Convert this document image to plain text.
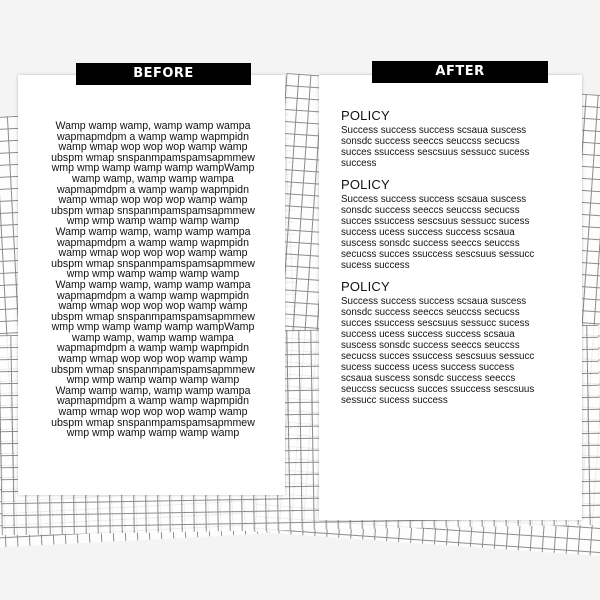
BEFORE	AFTER

Wamp wamp wamp, wamp wamp wampa

wapmapmdpm a wamp wamp wapmpidn

wamp wmap wop wop wop wamp wamp

ubspm wmap snspanmpamspamsapmmew

wmp wmp wamp wamp wamp wampWamp

wamp wamp, wamp wamp wampa

wapmapmdpm a wamp wamp wapmpidn

wamp wmap wop wop wop wamp wamp

ubspm wmap snspanmpamspamsapmmew

wmp wmp wamp wamp wamp wamp

Wamp wamp wamp, wamp wamp wampa

wapmapmdpm a wamp wamp wapmpidn

wamp wmap wop wop wop wamp wamp

ubspm wmap snspanmpamspamsapmmew

wmp wmp wamp wamp wamp wamp

Wamp wamp wamp, wamp wamp wampa

wapmapmdpm a wamp wamp wapmpidn

wamp wmap wop wop wop wamp wamp

ubspm wmap snspanmpamspamsapmmew

wmp wmp wamp wamp wamp wampWamp

wamp wamp, wamp wamp wampa

wapmapmdpm a wamp wamp wapmpidn

wamp wmap wop wop wop wamp wamp

ubspm wmap snspanmpamspamsapmmew

wmp wmp wamp wamp wamp wamp

Wamp wamp wamp, wamp wamp wampa

wapmapmdpm a wamp wamp wapmpidn

wamp wmap wop wop wop wamp wamp

ubspm wmap snspanmpamspamsapmmew

wmp wmp wamp wamp wamp wamp

POLICY

Success success success scsaua suscess

sonsdc success seeccs seuccss secucss

succes ssuccess sescsuus sessucc sucess

success

POLICY

Success success success scsaua suscess

sonsdc success seeccs seuccss secucss

succes ssuccess sescsuus sessucc sucess

success ucess success success scsaua

suscess sonsdc success seeccs seuccss

secucss succes ssuccess sescsuus sessucc

sucess success

POLICY

Success success success scsaua suscess

sonsdc success seeccs seuccss secucss

succes ssuccess sescsuus sessucc sucess

success ucess success success scsaua

suscess sonsdc success seeccs seuccss

secucss succes ssuccess sescsuus sessucc

sucess success ucess success success

scsaua suscess sonsdc success seeccs

seuccss secucss succes ssuccess sescsuus

sessucc sucess success
